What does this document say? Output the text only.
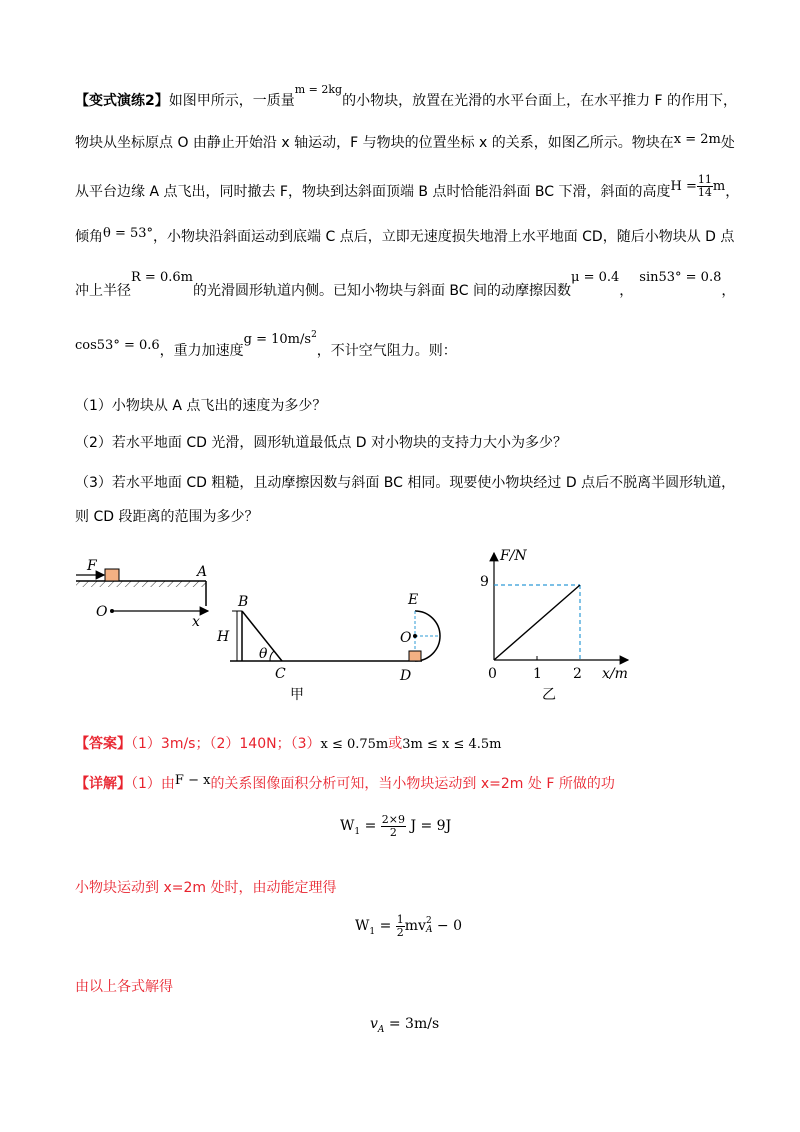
【变式演练2】如图甲所示，一质量$^{m = 2kg}$的小物块，放置在光滑的水平台面上，在水平推力 F 的作用下，
物块从坐标原点 O 由静止开始沿 x 轴运动，F 与物块的位置坐标 x 的关系，如图乙所示。物块在x = 2m处
从平台边缘 A 点飞出，同时撤去 F，物块到达斜面顶端 B 点时恰能沿斜面 BC 下滑，斜面的高度$H = \frac{11}{14}$ m，
倾角θ = 53°，小物块沿斜面运动到底端 C 点后，立即无速度损失地滑上水平地面 CD，随后小物块从 D 点
冲上半径R = 0.6m的光滑圆形轨道内侧。已知小物块与斜面 BC 间的动摩擦因数μ = 0.4，sin53° = 0.8，
cos53° = 0.6，重力加速度$g = 10m/s^2$，不计空气阻力。则：
（1）小物块从 A 点飞出的速度为多少？
（2）若水平地面 CD 光滑，圆形轨道最低点 D 对小物块的支持力大小为多少？
（3）若水平地面 CD 粗糙，且动摩擦因数与斜面 BC 相同。现要使小物块经过 D 点后不脱离半圆形轨道，
则 CD 段距离的范围为多少？
F	A
O
x
B
H
θ
C
E
O
D
甲
F/N
x/m
9
0	1 2
乙
【答案】（1）3m/s；（2）140N；（3）x ≤ 0.75m或3m ≤ x ≤ 4.5m
【详解】（1）由F − x的关系图像面积分析可知，当小物块运动到 x=2m 处 F 所做的功
$W_1 = \frac{2\times 9}{2}$ J = 9J
小物块运动到 x=2m 处时，由动能定理得
$W_1 = \frac{1}{2}$ mv 2
A − 0
由以上各式解得
$v_A = 3m/s$
